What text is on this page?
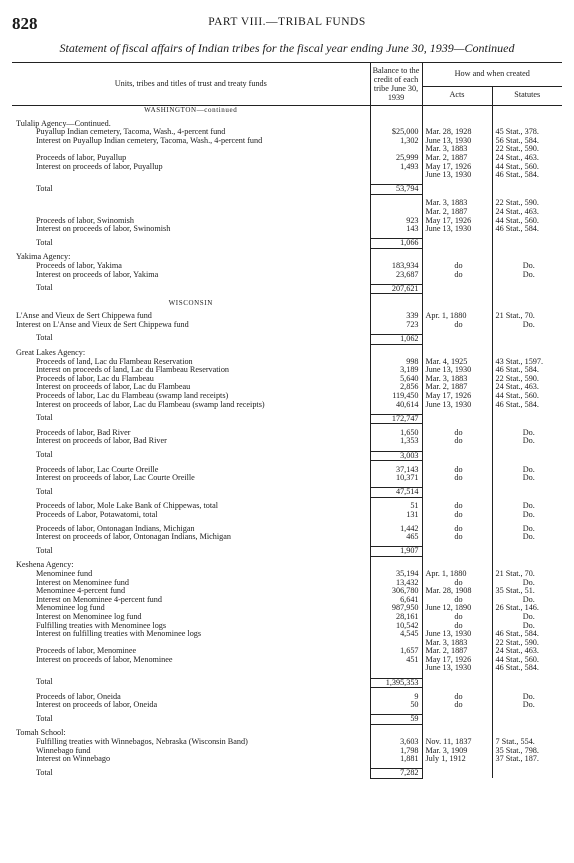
828	PART VIII.—TRIBAL FUNDS
Statement of fiscal affairs of Indian tribes for the fiscal year ending June 30, 1939—Continued
Units, tribes and titles of trust and treaty funds	Balance to the credit of each tribe June 30, 1939	How and when created	
		Acts	Statutes
WASHINGTON—continued			

Tulalip Agency—Continued.			
Puyallup Indian cemetery, Tacoma, Wash., 4-percent fund	$25,000	Mar. 28, 1928	45 Stat., 378.
Interest on Puyallup Indian cemetery, Tacoma, Wash., 4-percent fund	1,302	June 13, 1930	56 Stat., 584.
		Mar. 3, 1883	22 Stat., 590.
Proceeds of labor, Puyallup	25,999	Mar. 2, 1887	24 Stat., 463.
Interest on proceeds of labor, Puyallup	1,493	May 17, 1926	44 Stat., 560.
		June 13, 1930	46 Stat., 584.

Total	53,794		

		Mar. 3, 1883	22 Stat., 590.
		Mar. 2, 1887	24 Stat., 463.
Proceeds of labor, Swinomish	923	May 17, 1926	44 Stat., 560.
Interest on proceeds of labor, Swinomish	143	June 13, 1930	46 Stat., 584.

Total	1,066		

Yakima Agency:			
Proceeds of labor, Yakima	183,934	do	Do.
Interest on proceeds of labor, Yakima	23,687	do	Do.

Total	207,621		

WISCONSIN			

L'Anse and Vieux de Sert Chippewa fund	339	Apr. 1, 1880	21 Stat., 70.
Interest on L'Anse and Vieux de Sert Chippewa fund	723	do	Do.

Total	1,062		

Great Lakes Agency:			
Proceeds of land, Lac du Flambeau Reservation	998	Mar. 4, 1925	43 Stat., 1597.
Interest on proceeds of land, Lac du Flambeau Reservation	3,189	June 13, 1930	46 Stat., 584.
Proceeds of labor, Lac du Flambeau	5,640	Mar. 3, 1883	22 Stat., 590.
Interest on proceeds of labor, Lac du Flambeau	2,856	Mar. 2, 1887	24 Stat., 463.
Proceeds of labor, Lac du Flambeau (swamp land receipts)	119,450	May 17, 1926	44 Stat., 560.
Interest on proceeds of labor, Lac du Flambeau (swamp land receipts)	40,614	June 13, 1930	46 Stat., 584.

Total	172,747		

Proceeds of labor, Bad River	1,650	do	Do.
Interest on proceeds of labor, Bad River	1,353	do	Do.

Total	3,003		

Proceeds of labor, Lac Courte Oreille	37,143	do	Do.
Interest on proceeds of labor, Lac Courte Oreille	10,371	do	Do.

Total	47,514		

Proceeds of labor, Mole Lake Bank of Chippewas, total	51	do	Do.
Proceeds of Labor, Potawatomi, total	131	do	Do.

Proceeds of labor, Ontonagan Indians, Michigan	1,442	do	Do.
Interest on proceeds of labor, Ontonagan Indians, Michigan	465	do	Do.

Total	1,907		

Keshena Agency:			
Menominee fund	35,194	Apr. 1, 1880	21 Stat., 70.
Interest on Menominee fund	13,432	do	Do.
Menominee 4-percent fund	306,780	Mar. 28, 1908	35 Stat., 51.
Interest on Menominee 4-percent fund	6,641	do	Do.
Menominee log fund	987,950	June 12, 1890	26 Stat., 146.
Interest on Menominee log fund	28,161	do	Do.
Fulfilling treaties with Menominee logs	10,542	do	Do.
Interest on fulfilling treaties with Menominee logs	4,545	June 13, 1930	46 Stat., 584.
		Mar. 3, 1883	22 Stat., 590.
Proceeds of labor, Menominee	1,657	Mar. 2, 1887	24 Stat., 463.
Interest on proceeds of labor, Menominee	451	May 17, 1926	44 Stat., 560.
		June 13, 1930	46 Stat., 584.

Total	1,395,353		

Proceeds of labor, Oneida	9	do	Do.
Interest on proceeds of labor, Oneida	50	do	Do.

Total	59		

Tomah School:			
Fulfilling treaties with Winnebagos, Nebraska (Wisconsin Band)	3,603	Nov. 11, 1837	7 Stat., 554.
Winnebago fund	1,798	Mar. 3, 1909	35 Stat., 798.
Interest on Winnebago	1,881	July 1, 1912	37 Stat., 187.

Total	7,282		
